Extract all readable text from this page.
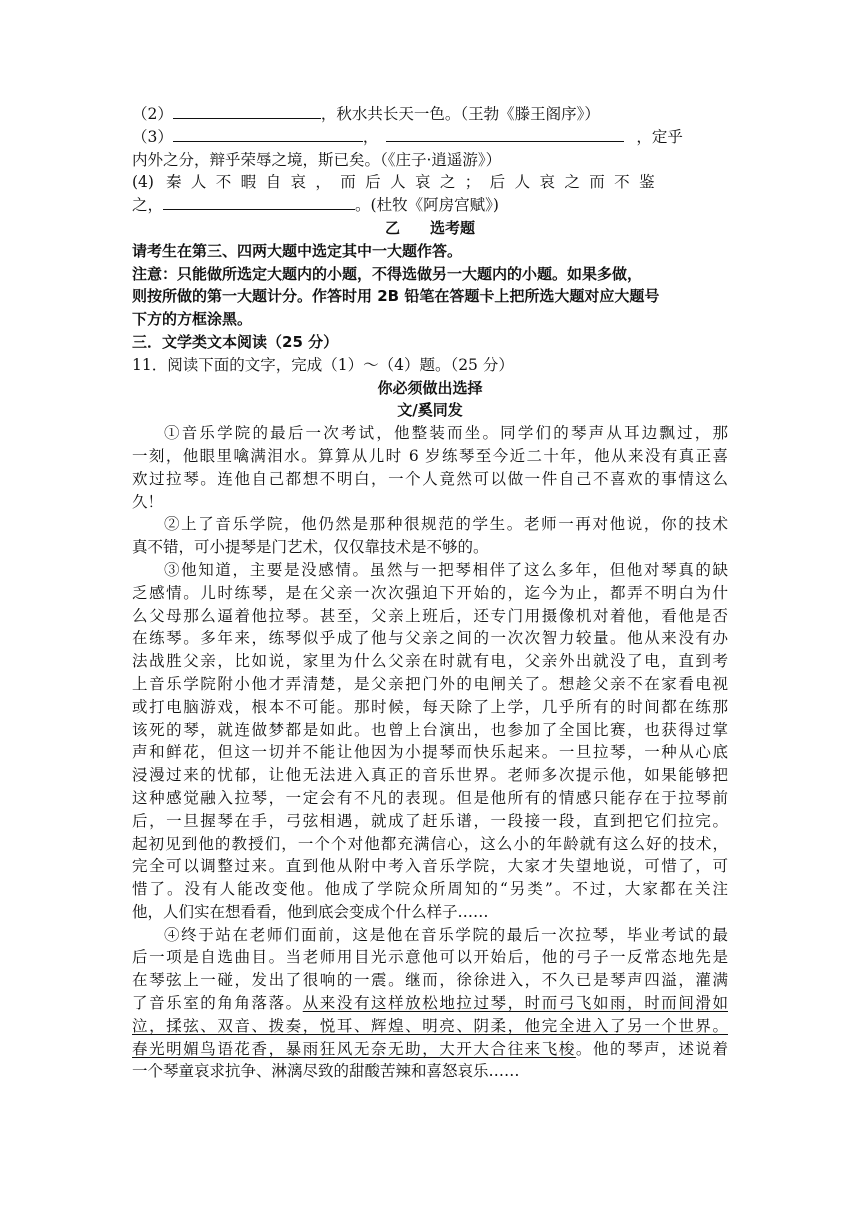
（2）	，秋水共长天一色。（王勃《滕王阁序》）
（3）	，	，定乎
内外之分，辩乎荣辱之境，斯已矣。（《庄子·逍遥游》）
(4) 秦人不暇自哀，而后人哀之；后人哀之而不鉴
之，	。(杜牧《阿房宫赋》)
乙　　选考题
请考生在第三、四两大题中选定其中一大题作答。
注意：只能做所选定大题内的小题，不得选做另一大题内的小题。如果多做，
则按所做的第一大题计分。作答时用 2B 铅笔在答题卡上把所选大题对应大题号
下方的方框涂黑。
三．文学类文本阅读（25 分）
11．阅读下面的文字，完成（1）～（4）题。（25 分）
你必须做出选择
文/奚同发
①音乐学院的最后一次考试，他整装而坐。同学们的琴声从耳边飘过，那
一刻，他眼里噙满泪水。算算从儿时 6 岁练琴至今近二十年，他从来没有真正喜
欢过拉琴。连他自己都想不明白，一个人竟然可以做一件自己不喜欢的事情这么
久！
②上了音乐学院，他仍然是那种很规范的学生。老师一再对他说，你的技术
真不错，可小提琴是门艺术，仅仅靠技术是不够的。
③他知道，主要是没感情。虽然与一把琴相伴了这么多年，但他对琴真的缺
乏感情。儿时练琴，是在父亲一次次强迫下开始的，迄今为止，都弄不明白为什
么父母那么逼着他拉琴。甚至，父亲上班后，还专门用摄像机对着他，看他是否
在练琴。多年来，练琴似乎成了他与父亲之间的一次次智力较量。他从来没有办
法战胜父亲，比如说，家里为什么父亲在时就有电，父亲外出就没了电，直到考
上音乐学院附小他才弄清楚，是父亲把门外的电闸关了。想趁父亲不在家看电视
或打电脑游戏，根本不可能。那时候，每天除了上学，几乎所有的时间都在练那
该死的琴，就连做梦都是如此。也曾上台演出，也参加了全国比赛，也获得过掌
声和鲜花，但这一切并不能让他因为小提琴而快乐起来。一旦拉琴，一种从心底
浸漫过来的忧郁，让他无法进入真正的音乐世界。老师多次提示他，如果能够把
这种感觉融入拉琴，一定会有不凡的表现。但是他所有的情感只能存在于拉琴前
后，一旦握琴在手，弓弦相遇，就成了赶乐谱，一段接一段，直到把它们拉完。
起初见到他的教授们，一个个对他都充满信心，这么小的年龄就有这么好的技术，
完全可以调整过来。直到他从附中考入音乐学院，大家才失望地说，可惜了，可
惜了。没有人能改变他。他成了学院众所周知的“另类”。不过，大家都在关注
他，人们实在想看看，他到底会变成个什么样子……
④终于站在老师们面前，这是他在音乐学院的最后一次拉琴，毕业考试的最
后一项是自选曲目。当老师用目光示意他可以开始后，他的弓子一反常态地先是
在琴弦上一碰，发出了很响的一震。继而，徐徐进入，不久已是琴声四溢，灌满
了音乐室的角角落落。从来没有这样放松地拉过琴，时而弓飞如雨，时而间滑如
泣，揉弦、双音、拨奏，悦耳、辉煌、明亮、阴柔，他完全进入了另一个世界。
春光明媚鸟语花香，暴雨狂风无奈无助，大开大合往来飞梭。他的琴声，述说着
一个琴童哀求抗争、淋漓尽致的甜酸苦辣和喜怒哀乐……
